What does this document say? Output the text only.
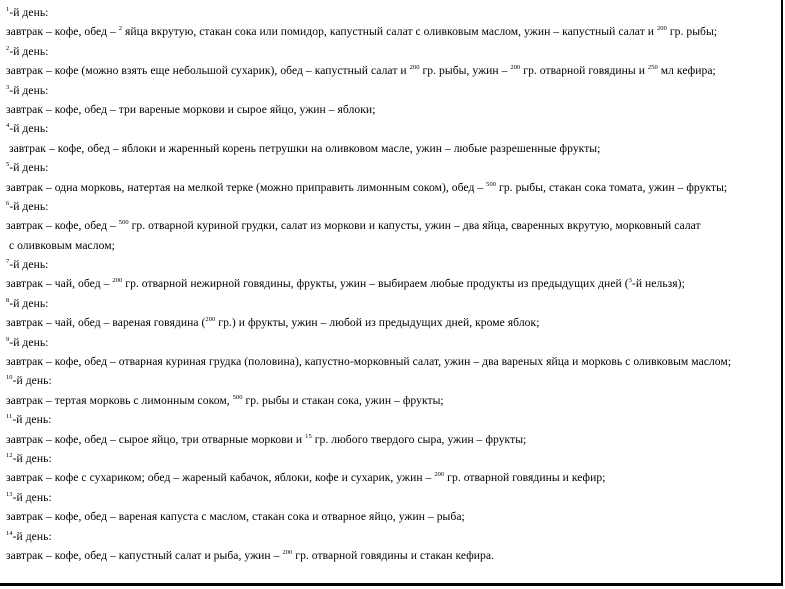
$^1$-й день:
завтрак – кофе, обед – $^2$ яйца вкрутую, стакан сока или помидор, капустный салат с оливковым маслом, ужин – капустный салат и $^{200}$ гр. рыбы;
$^2$-й день:
завтрак – кофе (можно взять еще небольшой сухарик), обед – капустный салат и $^{200}$ гр. рыбы, ужин – $^{200}$ гр. отварной говядины и $^{250}$ мл кефира;
$^3$-й день:
завтрак – кофе, обед – три вареные моркови и сырое яйцо, ужин – яблоки;
$^4$-й день:
завтрак – кофе, обед – яблоки и жаренный корень петрушки на оливковом масле, ужин – любые разрешенные фрукты;
$^5$-й день:
завтрак – одна морковь, натертая на мелкой терке (можно приправить лимонным соком), обед – $^{500}$ гр. рыбы, стакан сока томата, ужин – фрукты;
$^6$-й день:
завтрак – кофе, обед – $^{500}$ гр. отварной куриной грудки, салат из моркови и капусты, ужин – два яйца, сваренных вкрутую, морковный салат
с оливковым маслом;
$^7$-й день:
завтрак – чай, обед – $^{200}$ гр. отварной нежирной говядины, фрукты, ужин – выбираем любые продукты из предыдущих дней ($^3$-й нельзя);
$^8$-й день:
завтрак – чай, обед – вареная говядина ($^{200}$ гр.) и фрукты, ужин – любой из предыдущих дней, кроме яблок;
$^9$-й день:
завтрак – кофе, обед – отварная куриная грудка (половина), капустно-морковный салат, ужин – два вареных яйца и морковь с оливковым маслом;
$^{10}$-й день:
завтрак – тертая морковь с лимонным соком, $^{500}$ гр. рыбы и стакан сока, ужин – фрукты;
$^{11}$-й день:
завтрак – кофе, обед – сырое яйцо, три отварные моркови и $^{15}$ гр. любого твердого сыра, ужин – фрукты;
$^{12}$-й день:
завтрак – кофе с сухариком; обед – жареный кабачок, яблоки, кофе и сухарик, ужин – $^{200}$ гр. отварной говядины и кефир;
$^{13}$-й день:
завтрак – кофе, обед – вареная капуста с маслом, стакан сока и отварное яйцо, ужин – рыба;
$^{14}$-й день:
завтрак – кофе, обед – капустный салат и рыба, ужин – $^{200}$ гр. отварной говядины и стакан кефира.
